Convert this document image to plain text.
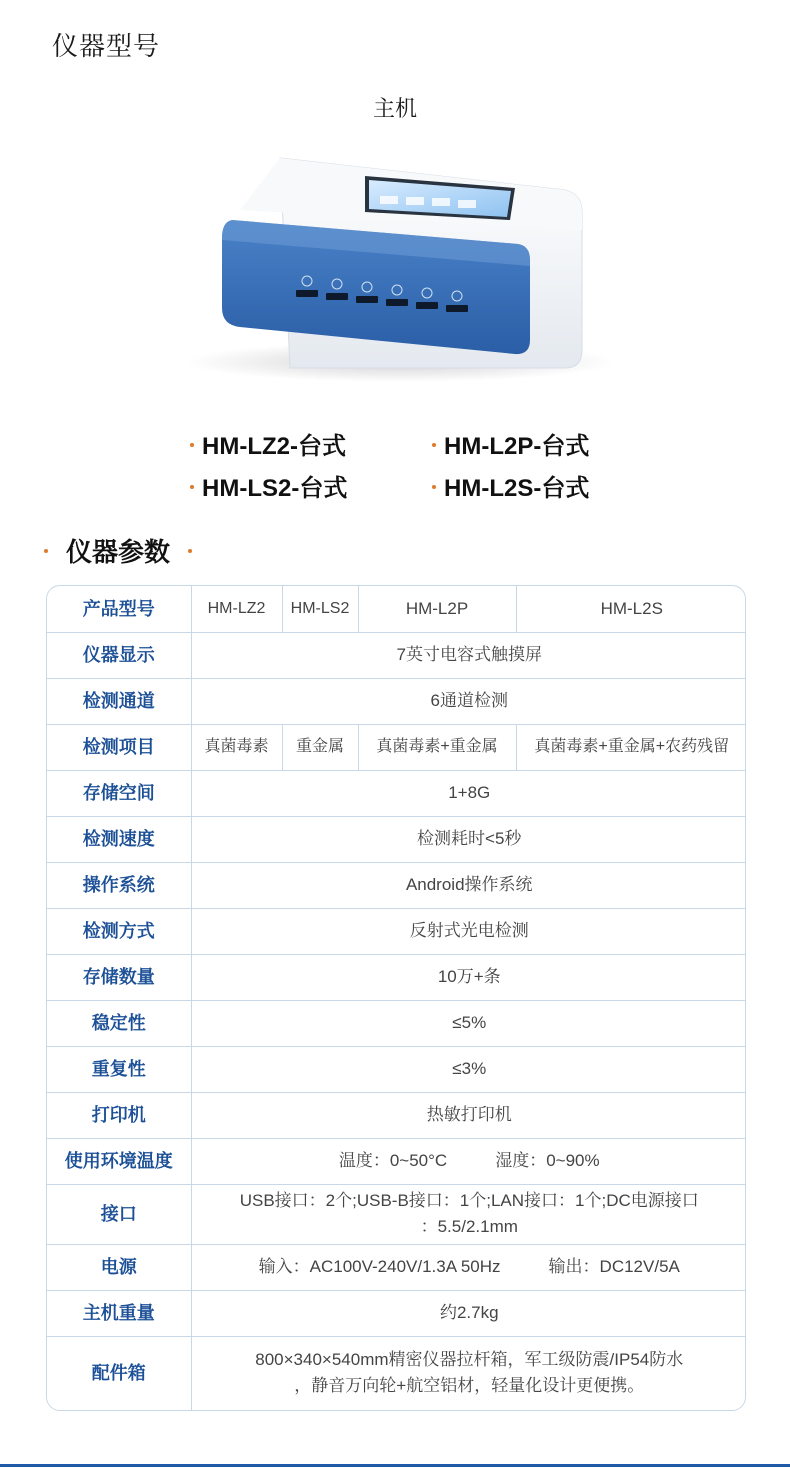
仪器型号
主机
HM-LZ2-台式	HM-L2P-台式
HM-LS2-台式	HM-L2S-台式
仪器参数
产品型号	HM-LZ2	HM-LS2	HM-L2P	HM-L2S
仪器显示	7英寸电容式触摸屏			
检测通道	6通道检测			
检测项目	真菌毒素	重金属	真菌毒素+重金属	真菌毒素+重金属+农药残留
存储空间	1+8G			
检测速度	检测耗时<5秒			
操作系统	Android操作系统			
检测方式	反射式光电检测			
存储数量	10万+条			
稳定性	≤5%			
重复性	≤3%			
打印机	热敏打印机			
使用环境温度	温度：0~50°C 湿度：0~90%			
接口	USB接口：2个;USB-B接口：1个;LAN接口：1个;DC电源接口
：5.5/2.1mm			

电源	输入：AC100V-240V/1.3A 50Hz 输出：DC12V/5A			
主机重量	约2.7kg			
配件箱	800×340×540mm精密仪器拉杆箱，军工级防震/IP54防水
，静音万向轮+航空铝材，轻量化设计更便携。			
